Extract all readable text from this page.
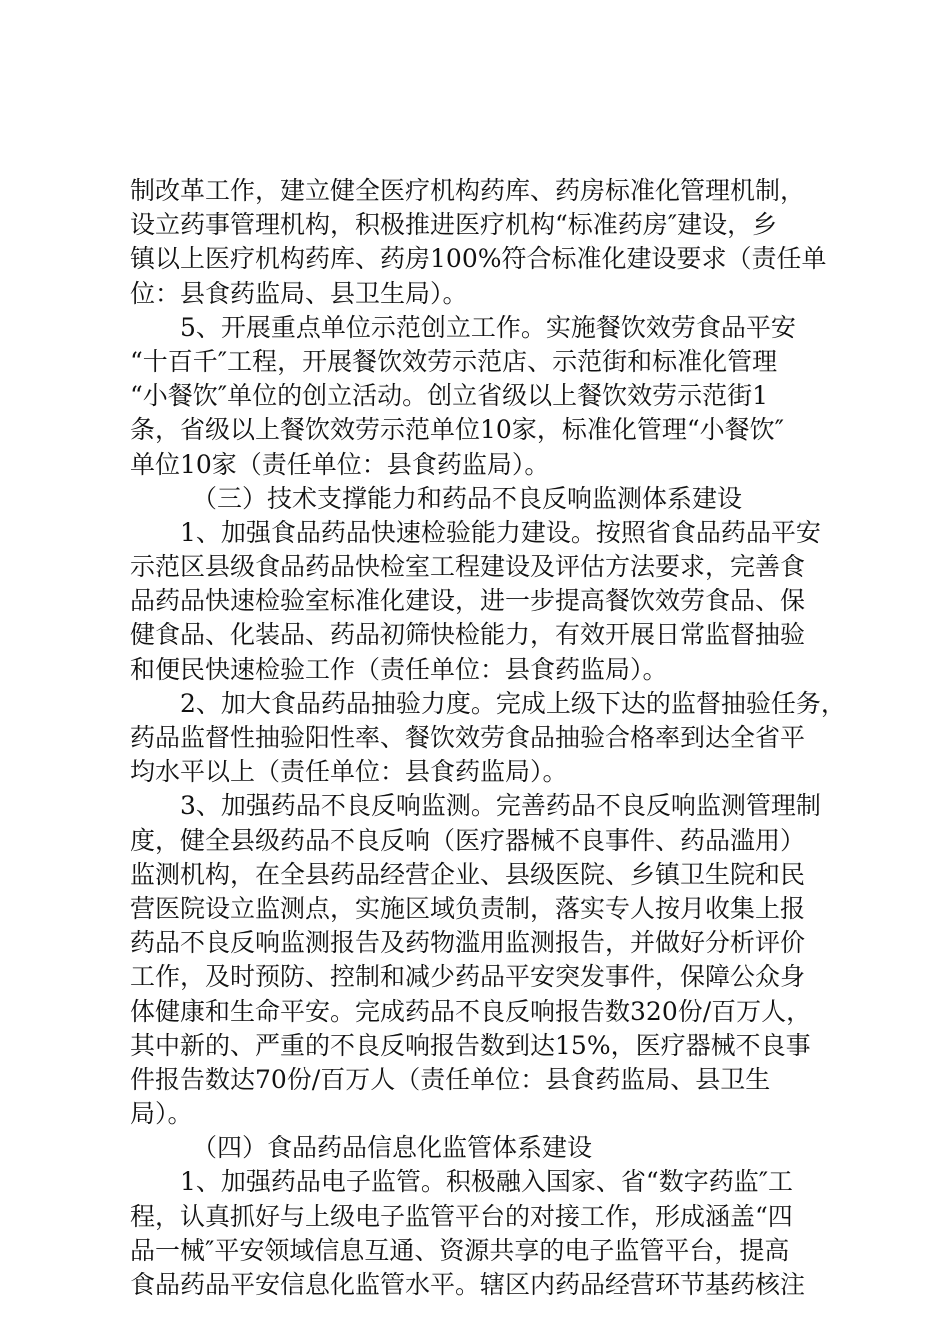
制改革工作，建立健全医疗机构药库、药房标准化管理机制，
设立药事管理机构，积极推进医疗机构“标准药房″建设，乡
镇以上医疗机构药库、药房100%符合标准化建设要求（责任单
位：县食药监局、县卫生局）。
5、开展重点单位示范创立工作。实施餐饮效劳食品平安
“十百千″工程，开展餐饮效劳示范店、示范街和标准化管理
“小餐饮″单位的创立活动。创立省级以上餐饮效劳示范街1
条，省级以上餐饮效劳示范单位10家，标准化管理“小餐饮″
单位10家（责任单位：县食药监局）。
（三）技术支撑能力和药品不良反响监测体系建设
1、加强食品药品快速检验能力建设。按照省食品药品平安
示范区县级食品药品快检室工程建设及评估方法要求，完善食
品药品快速检验室标准化建设，进一步提高餐饮效劳食品、保
健食品、化装品、药品初筛快检能力，有效开展日常监督抽验
和便民快速检验工作（责任单位：县食药监局）。
2、加大食品药品抽验力度。完成上级下达的监督抽验任务，
药品监督性抽验阳性率、餐饮效劳食品抽验合格率到达全省平
均水平以上（责任单位：县食药监局）。
3、加强药品不良反响监测。完善药品不良反响监测管理制
度，健全县级药品不良反响（医疗器械不良事件、药品滥用）
监测机构，在全县药品经营企业、县级医院、乡镇卫生院和民
营医院设立监测点，实施区域负责制，落实专人按月收集上报
药品不良反响监测报告及药物滥用监测报告，并做好分析评价
工作，及时预防、控制和减少药品平安突发事件，保障公众身
体健康和生命平安。完成药品不良反响报告数320份/百万人，
其中新的、严重的不良反响报告数到达15%，医疗器械不良事
件报告数达70份/百万人（责任单位：县食药监局、县卫生
局）。
（四）食品药品信息化监管体系建设
1、加强药品电子监管。积极融入国家、省“数字药监″工
程，认真抓好与上级电子监管平台的对接工作，形成涵盖“四
品一械″平安领域信息互通、资源共享的电子监管平台，提高
食品药品平安信息化监管水平。辖区内药品经营环节基药核注
